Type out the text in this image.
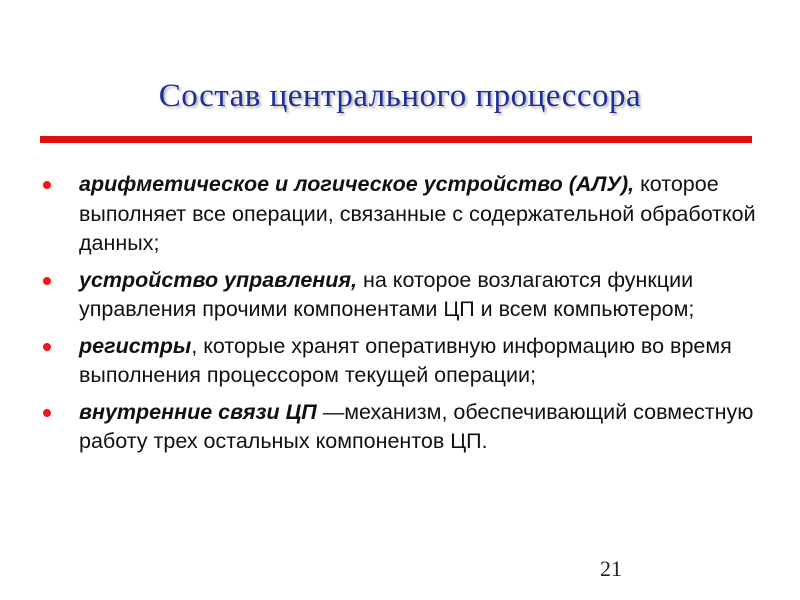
Состав центрального процессора
арифметическое и логическое устройство (АЛУ), которое выполняет все операции, связанные с содержательной обработкой данных;
устройство управления, на которое возлагаются функции управления прочими компонентами ЦП и всем компьютером;
регистры, которые хранят оперативную информацию во время выполнения процессором текущей операции;
внутренние связи ЦП —механизм, обеспечивающий совместную работу трех остальных компонентов ЦП.
21
